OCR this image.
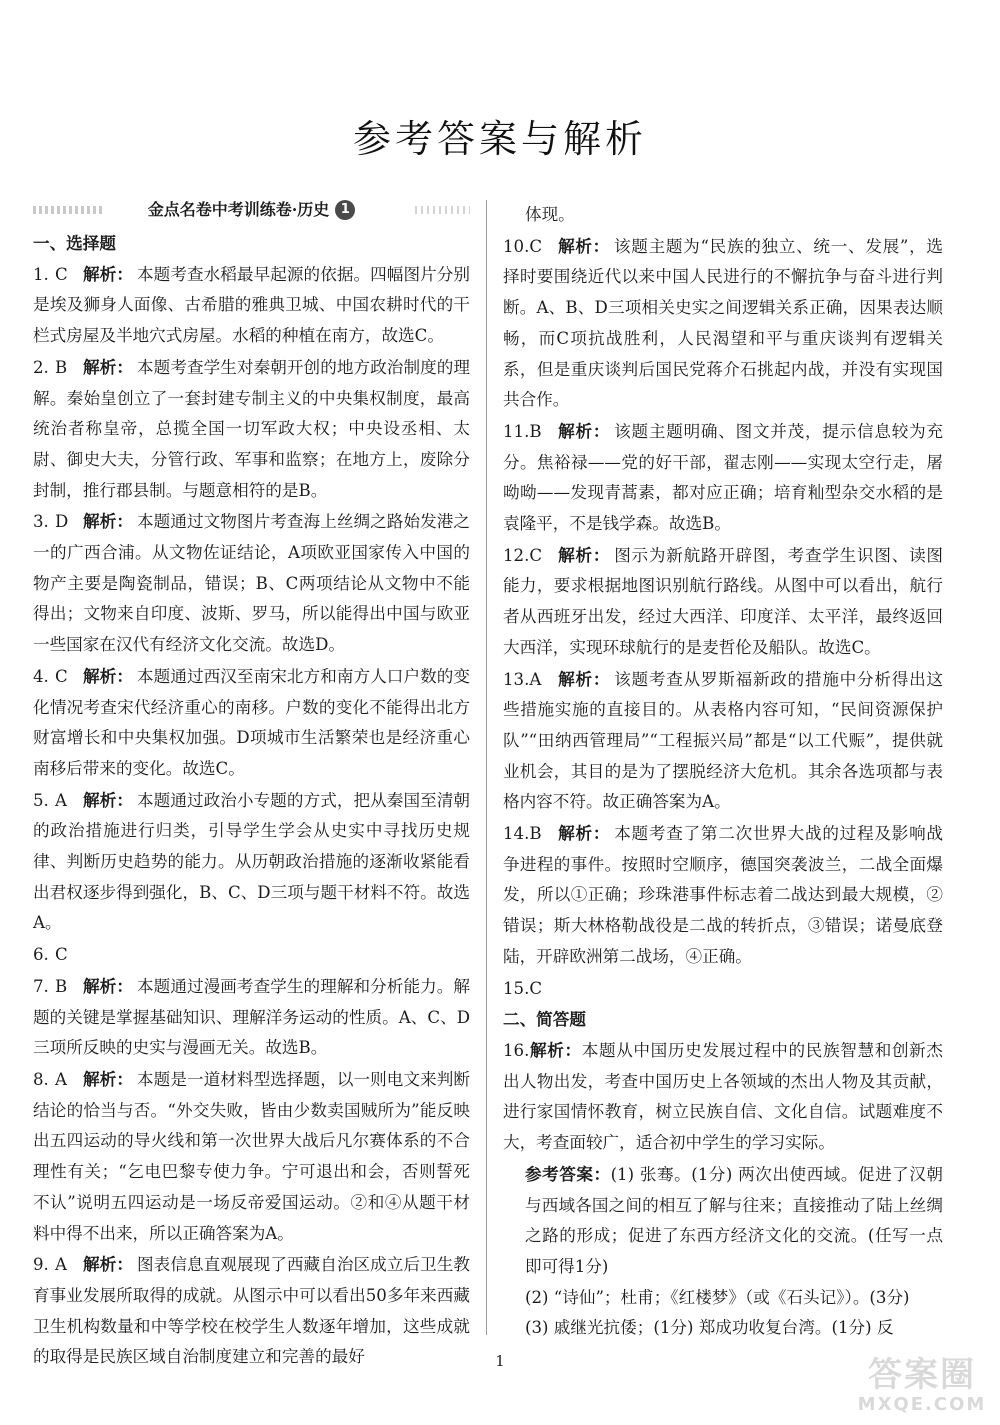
参考答案与解析
金点名卷中考训练卷·历史 1
一、选择题
1. C 解析： 本题考查水稻最早起源的依据。四幅图片分别是埃及狮身人面像、古希腊的雅典卫城、中国农耕时代的干栏式房屋及半地穴式房屋。水稻的种植在南方，故选C。
2. B 解析： 本题考查学生对秦朝开创的地方政治制度的理解。秦始皇创立了一套封建专制主义的中央集权制度，最高统治者称皇帝，总揽全国一切军政大权；中央设丞相、太尉、御史大夫，分管行政、军事和监察；在地方上，废除分封制，推行郡县制。与题意相符的是B。
3. D 解析： 本题通过文物图片考查海上丝绸之路始发港之一的广西合浦。从文物佐证结论，A项欧亚国家传入中国的物产主要是陶瓷制品，错误；B、C两项结论从文物中不能得出；文物来自印度、波斯、罗马，所以能得出中国与欧亚一些国家在汉代有经济文化交流。故选D。
4. C 解析： 本题通过西汉至南宋北方和南方人口户数的变化情况考查宋代经济重心的南移。户数的变化不能得出北方财富增长和中央集权加强。D项城市生活繁荣也是经济重心南移后带来的变化。故选C。
5. A 解析： 本题通过政治小专题的方式，把从秦国至清朝的政治措施进行归类，引导学生学会从史实中寻找历史规律、判断历史趋势的能力。从历朝政治措施的逐渐收紧能看出君权逐步得到强化，B、C、D三项与题干材料不符。故选A。
6. C
7. B 解析： 本题通过漫画考查学生的理解和分析能力。解题的关键是掌握基础知识、理解洋务运动的性质。A、C、D三项所反映的史实与漫画无关。故选B。
8. A 解析： 本题是一道材料型选择题，以一则电文来判断结论的恰当与否。“外交失败，皆由少数卖国贼所为”能反映出五四运动的导火线和第一次世界大战后凡尔赛体系的不合理性有关；“乞电巴黎专使力争。宁可退出和会，否则誓死不认”说明五四运动是一场反帝爱国运动。②和④从题干材料中得不出来，所以正确答案为A。
9. A 解析： 图表信息直观展现了西藏自治区成立后卫生教育事业发展所取得的成就。从图示中可以看出50多年来西藏卫生机构数量和中等学校在校学生人数逐年增加，这些成就的取得是民族区域自治制度建立和完善的最好
体现。
10.C 解析： 该题主题为“民族的独立、统一、发展”，选择时要围绕近代以来中国人民进行的不懈抗争与奋斗进行判断。A、B、D三项相关史实之间逻辑关系正确，因果表达顺畅，而C项抗战胜利，人民渴望和平与重庆谈判有逻辑关系，但是重庆谈判后国民党蒋介石挑起内战，并没有实现国共合作。
11.B 解析： 该题主题明确、图文并茂，提示信息较为充分。焦裕禄——党的好干部，翟志刚——实现太空行走，屠呦呦——发现青蒿素，都对应正确；培育籼型杂交水稻的是袁隆平，不是钱学森。故选B。
12.C 解析： 图示为新航路开辟图，考查学生识图、读图能力，要求根据地图识别航行路线。从图中可以看出，航行者从西班牙出发，经过大西洋、印度洋、太平洋，最终返回大西洋，实现环球航行的是麦哲伦及船队。故选C。
13.A 解析： 该题考查从罗斯福新政的措施中分析得出这些措施实施的直接目的。从表格内容可知，“民间资源保护队”“田纳西管理局”“工程振兴局”都是“以工代赈”，提供就业机会，其目的是为了摆脱经济大危机。其余各选项都与表格内容不符。故正确答案为A。
14.B 解析： 本题考查了第二次世界大战的过程及影响战争进程的事件。按照时空顺序，德国突袭波兰，二战全面爆发，所以①正确；珍珠港事件标志着二战达到最大规模，②错误；斯大林格勒战役是二战的转折点，③错误；诺曼底登陆，开辟欧洲第二战场，④正确。
15.C
二、简答题
16.解析：本题从中国历史发展过程中的民族智慧和创新杰出人物出发，考查中国历史上各领域的杰出人物及其贡献，进行家国情怀教育，树立民族自信、文化自信。试题难度不大，考查面较广，适合初中学生的学习实际。
参考答案：(1) 张骞。(1分) 两次出使西域。促进了汉朝与西域各国之间的相互了解与往来；直接推动了陆上丝绸之路的形成；促进了东西方经济文化的交流。(任写一点即可得1分)
(2) “诗仙”；杜甫；《红楼梦》（或《石头记》）。(3分)
(3) 戚继光抗倭；(1分) 郑成功收复台湾。(1分) 反
1	答案圈
MXQE.COM
